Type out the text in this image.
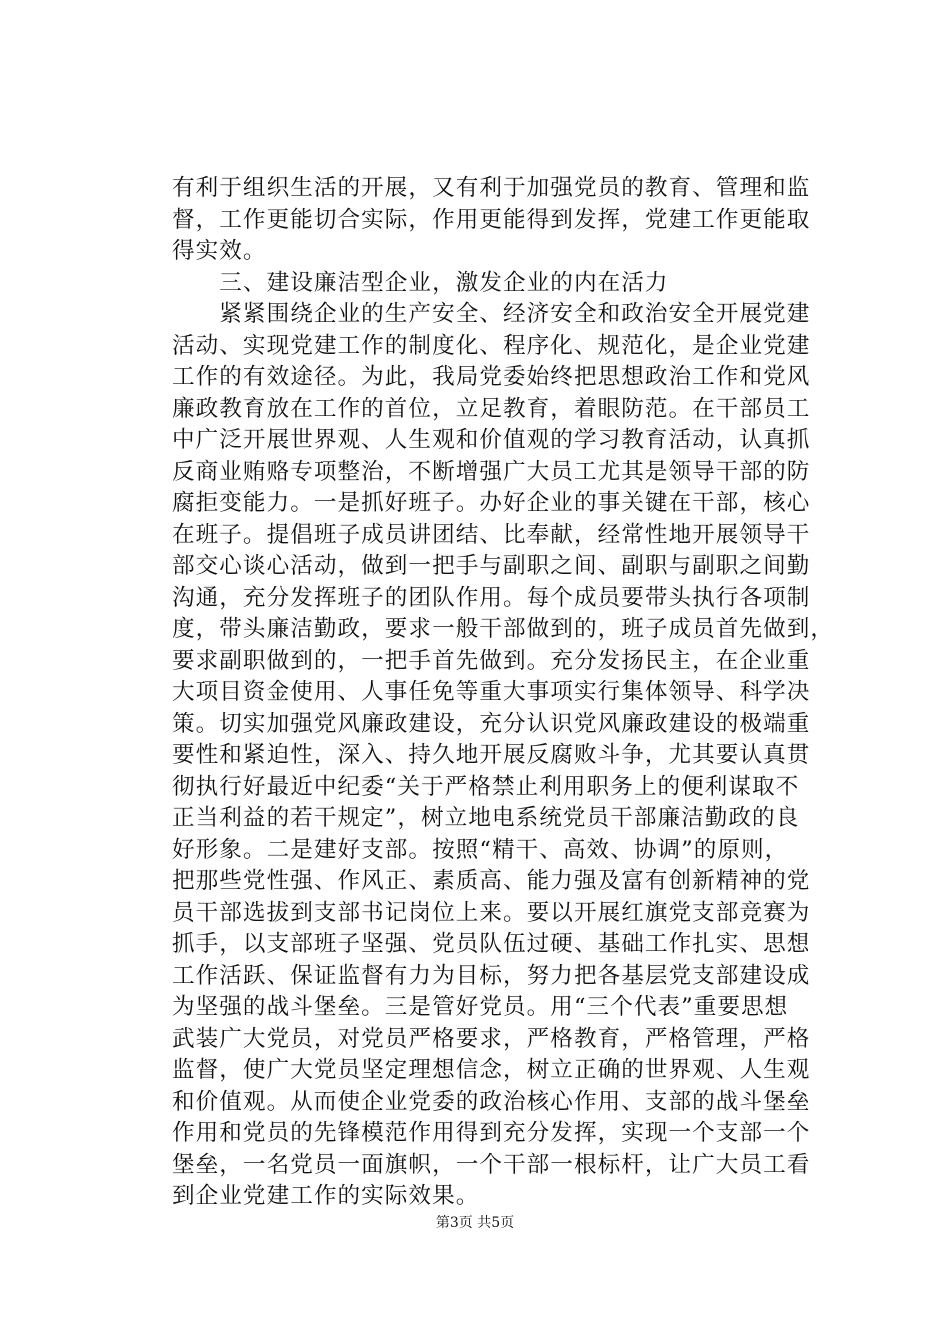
有利于组织生活的开展，又有利于加强党员的教育、管理和监
督，工作更能切合实际，作用更能得到发挥，党建工作更能取
得实效。
　　三、建设廉洁型企业，激发企业的内在活力
　　紧紧围绕企业的生产安全、经济安全和政治安全开展党建
活动、实现党建工作的制度化、程序化、规范化，是企业党建
工作的有效途径。为此，我局党委始终把思想政治工作和党风
廉政教育放在工作的首位，立足教育，着眼防范。在干部员工
中广泛开展世界观、人生观和价值观的学习教育活动，认真抓
反商业贿赂专项整治，不断增强广大员工尤其是领导干部的防
腐拒变能力。一是抓好班子。办好企业的事关键在干部，核心
在班子。提倡班子成员讲团结、比奉献，经常性地开展领导干
部交心谈心活动，做到一把手与副职之间、副职与副职之间勤
沟通，充分发挥班子的团队作用。每个成员要带头执行各项制
度，带头廉洁勤政，要求一般干部做到的，班子成员首先做到，
要求副职做到的，一把手首先做到。充分发扬民主，在企业重
大项目资金使用、人事任免等重大事项实行集体领导、科学决
策。切实加强党风廉政建设，充分认识党风廉政建设的极端重
要性和紧迫性，深入、持久地开展反腐败斗争，尤其要认真贯
彻执行好最近中纪委“关于严格禁止利用职务上的便利谋取不
正当利益的若干规定”，树立地电系统党员干部廉洁勤政的良
好形象。二是建好支部。按照“精干、高效、协调”的原则，
把那些党性强、作风正、素质高、能力强及富有创新精神的党
员干部选拔到支部书记岗位上来。要以开展红旗党支部竞赛为
抓手，以支部班子坚强、党员队伍过硬、基础工作扎实、思想
工作活跃、保证监督有力为目标，努力把各基层党支部建设成
为坚强的战斗堡垒。三是管好党员。用“三个代表”重要思想
武装广大党员，对党员严格要求，严格教育，严格管理，严格
监督，使广大党员坚定理想信念，树立正确的世界观、人生观
和价值观。从而使企业党委的政治核心作用、支部的战斗堡垒
作用和党员的先锋模范作用得到充分发挥，实现一个支部一个
堡垒，一名党员一面旗帜，一个干部一根标杆，让广大员工看
到企业党建工作的实际效果。
第3页 共5页
